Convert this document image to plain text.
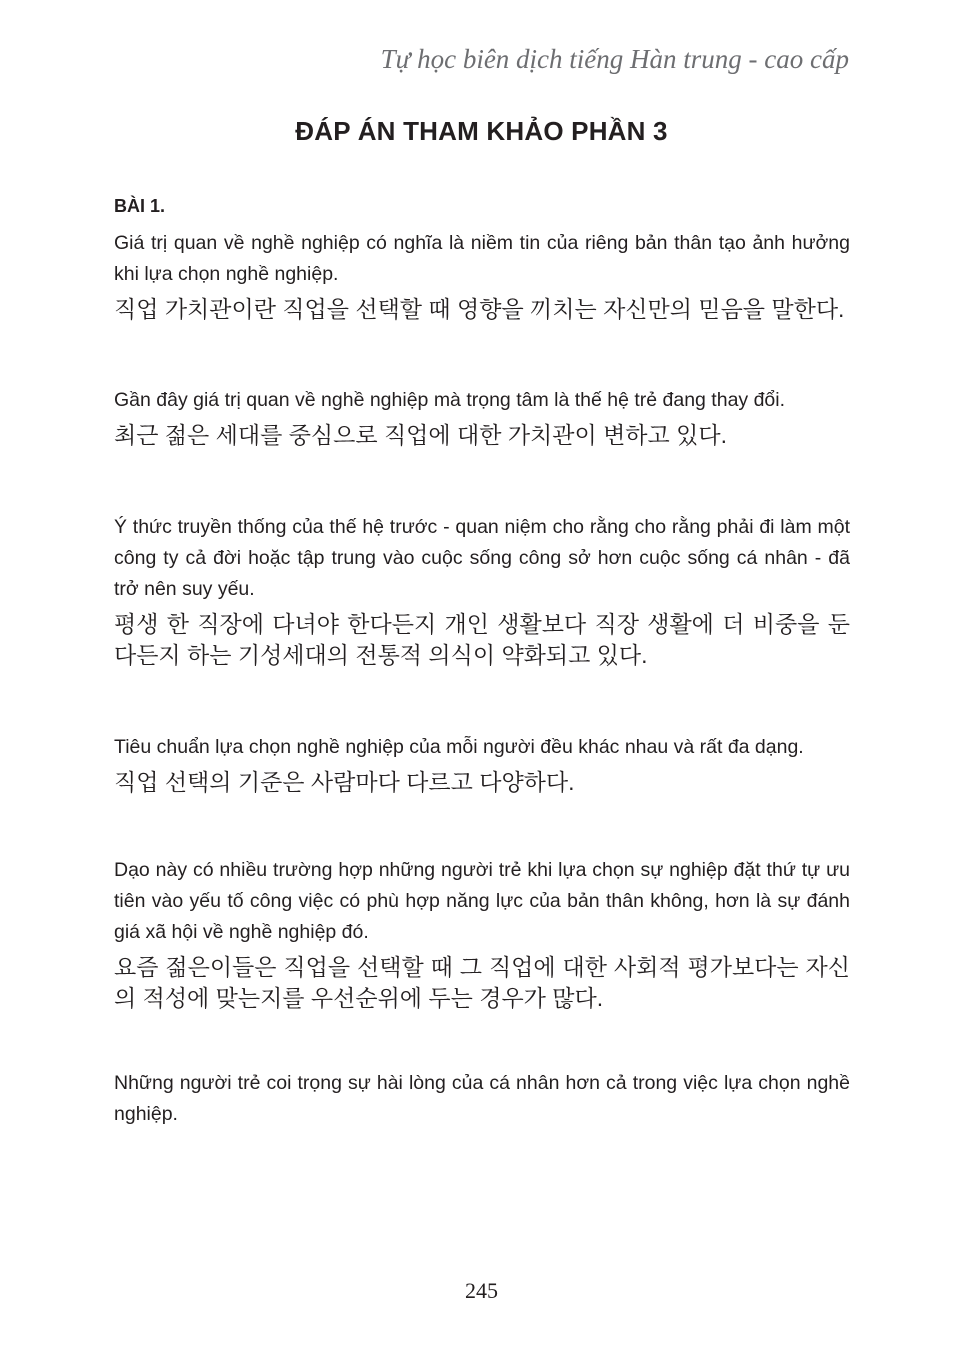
Tự học biên dịch tiếng Hàn trung - cao cấp
ĐÁP ÁN THAM KHẢO PHẦN 3
BÀI 1.

Giá trị quan về nghề nghiệp có nghĩa là niềm tin của riêng bản thân tạo ảnh hưởng khi lựa chọn nghề nghiệp.

직업 가치관이란 직업을 선택할 때 영향을 끼치는 자신만의 믿음을 말한다.

Gần đây giá trị quan về nghề nghiệp mà trọng tâm là thế hệ trẻ đang thay đổi.

최근 젊은 세대를 중심으로 직업에 대한 가치관이 변하고 있다.

Ý thức truyền thống của thế hệ trước - quan niệm cho rằng cho rằng phải đi làm một công ty cả đời hoặc tập trung vào cuộc sống công sở hơn cuộc sống cá nhân - đã trở nên suy yếu.

평생 한 직장에 다녀야 한다든지 개인 생활보다 직장 생활에 더 비중을 둔다든지 하는 기성세대의 전통적 의식이 약화되고 있다.

Tiêu chuẩn lựa chọn nghề nghiệp của mỗi người đều khác nhau và rất đa dạng.

직업 선택의 기준은 사람마다 다르고 다양하다.

Dạo này có nhiều trường hợp những người trẻ khi lựa chọn sự nghiệp đặt thứ tự ưu tiên vào yếu tố công việc có phù hợp năng lực của bản thân không, hơn là sự đánh giá xã hội về nghề nghiệp đó.

요즘 젊은이들은 직업을 선택할 때 그 직업에 대한 사회적 평가보다는 자신의 적성에 맞는지를 우선순위에 두는 경우가 많다.

Những người trẻ coi trọng sự hài lòng của cá nhân hơn cả trong việc lựa chọn nghề nghiệp.

245
